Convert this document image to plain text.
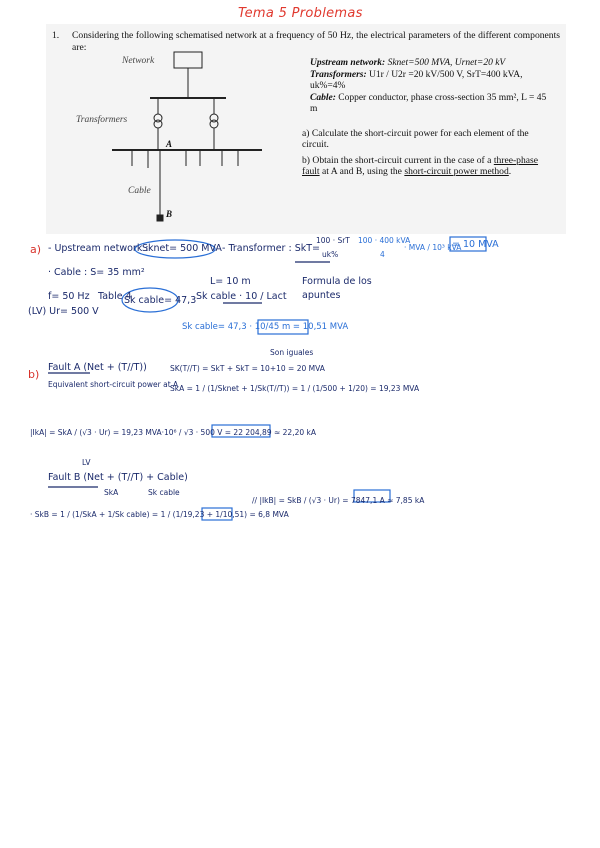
Tema 5 Problemas
1.	Considering the following schematised network at a frequency of 50 Hz, the electrical parameters of the different components are:
Network
Transformers
A
Cable
B
Upstream network: Sknet=500 MVA, Urnet=20 kV
Transformers: U1r / U2r =20 kV/500 V, SrT=400 kVA, uk%=4%
Cable: Copper conductor, phase cross-section 35 mm², L = 45 m
a) Calculate the short-circuit power for each element of the circuit.
b) Obtain the short-circuit current in the case of a three-phase fault at A and B, using the short-circuit power method.
a) - Upstream network :
Sknet= 500 MVA - Transformer : SkT=
100 · SrT
uk%
100 · 400 kVA
4
· MVA / 10³ kVA
= 10 MVA
Formula de los
apuntes
· Cable : S= 35 mm²
L= 10 m
f= 50 Hz Table 4
Sk cable= 47,3 Sk cable · 10 / Lact
(LV) Ur= 500 V
Sk cable= 47,3 · 10/45 m = 10,51 MVA
b)
Fault A (Net + (T//T))
Equivalent short-circuit power at A
Son iguales
SK(T//T) = SkT + SkT = 10+10 = 20 MVA
SkA = 1 / (1/Sknet + 1/Sk(T//T)) = 1 / (1/500 + 1/20) = 19,23 MVA
|IkA| = SkA / (√3 · Ur) = 19,23 MVA·10⁶ / √3 · 500 V = 22 204,89 ≈ 22,20 kA
LV
Fault B (Net + (T//T) + Cable)
SkA	Sk cable
· SkB = 1 / (1/SkA + 1/Sk cable) = 1 / (1/19,23 + 1/10,51) = 6,8 MVA
// |IkB| = SkB / (√3 · Ur) = 7847,1 A ≈ 7,85 kA
